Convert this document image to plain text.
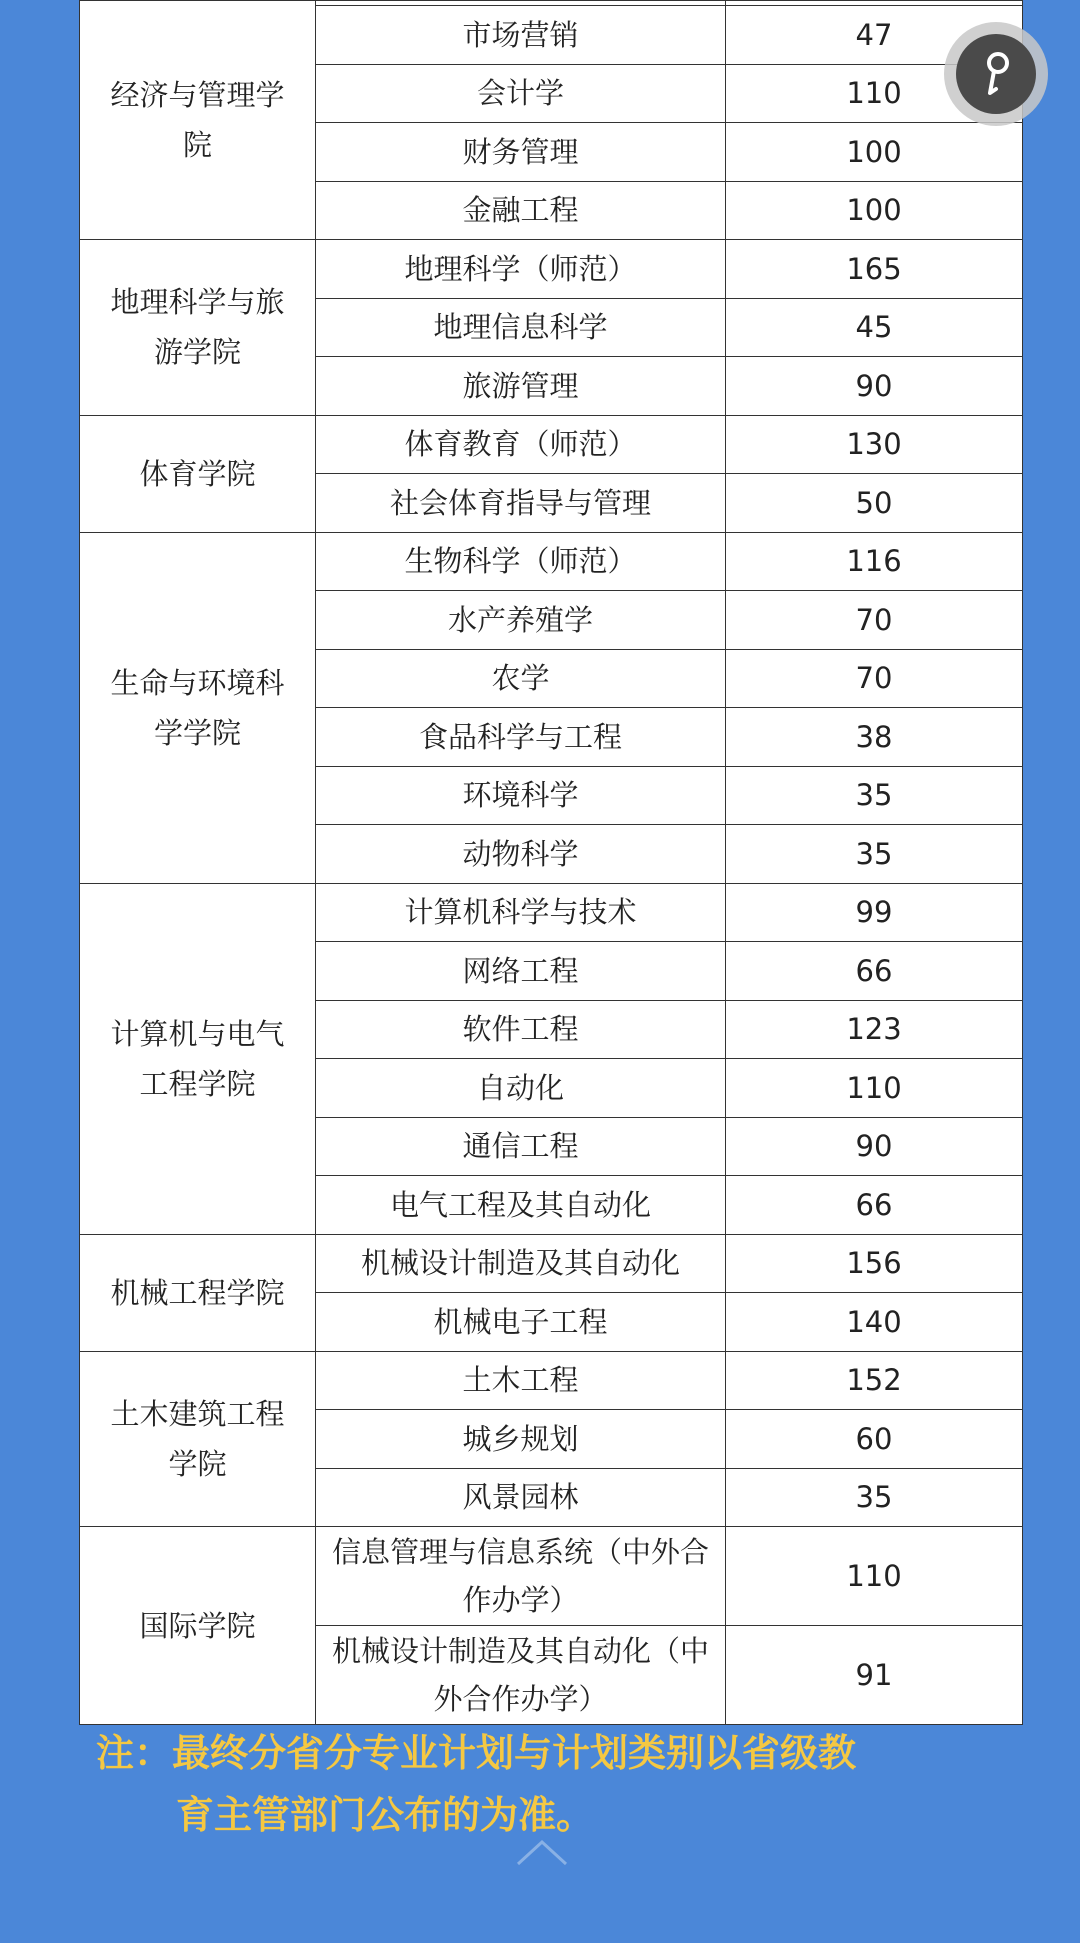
经济与管理学院		
	市场营销	47
	会计学	110
	财务管理	100
	金融工程	100
地理科学与旅游学院	地理科学（师范）	165
	地理信息科学	45
	旅游管理	90
体育学院	体育教育（师范）	130
	社会体育指导与管理	50
生命与环境科学学院	生物科学（师范）	116
	水产养殖学	70
	农学	70
	食品科学与工程	38
	环境科学	35
	动物科学	35
计算机与电气工程学院	计算机科学与技术	99
	网络工程	66
	软件工程	123
	自动化	110
	通信工程	90
	电气工程及其自动化	66
机械工程学院	机械设计制造及其自动化	156
	机械电子工程	140
土木建筑工程学院	土木工程	152
	城乡规划	60
	风景园林	35
国际学院	信息管理与信息系统（中外合作办学）	110
	机械设计制造及其自动化（中外合作办学）	91
注：最终分省分专业计划与计划类别以省级教
育主管部门公布的为准。
